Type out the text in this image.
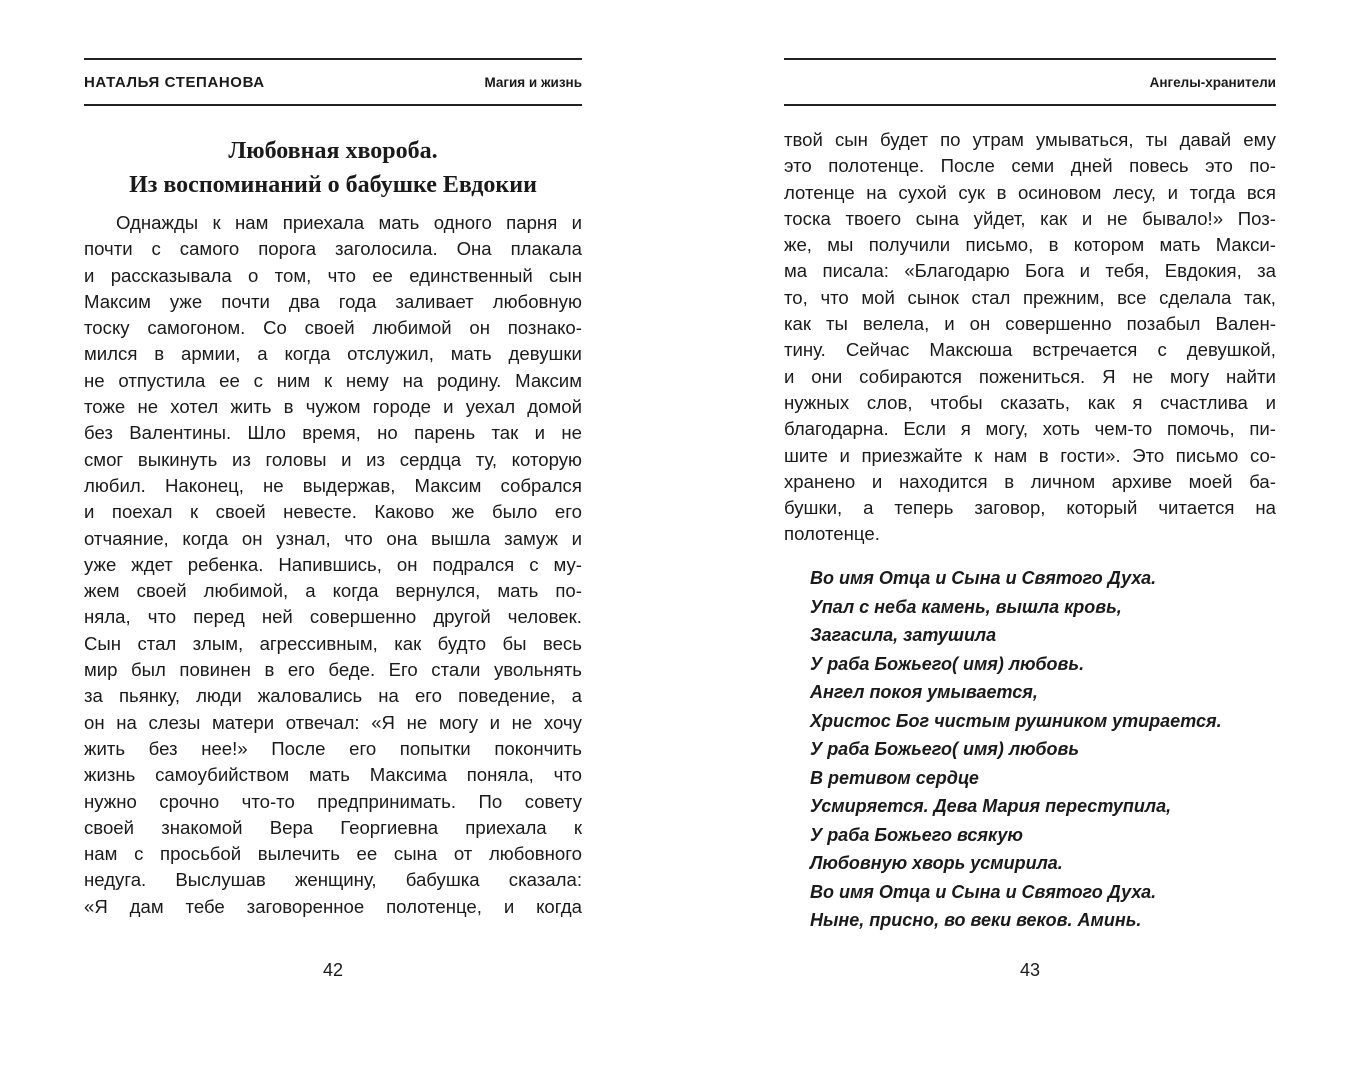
НАТАЛЬЯ СТЕПАНОВА	Магия и жизнь
Любовная хвороба.
Из воспоминаний о бабушке Евдокии
Однажды к нам приехала мать одного парня и
почти с самого порога заголосила. Она плакала
и рассказывала о том, что ее единственный сын
Максим уже почти два года заливает любовную
тоску самогоном. Со своей любимой он познако-
мился в армии, а когда отслужил, мать девушки
не отпустила ее с ним к нему на родину. Максим
тоже не хотел жить в чужом городе и уехал домой
без Валентины. Шло время, но парень так и не
смог выкинуть из головы и из сердца ту, которую
любил. Наконец, не выдержав, Максим собрался
и поехал к своей невесте. Каково же было его
отчаяние, когда он узнал, что она вышла замуж и
уже ждет ребенка. Напившись, он подрался с му-
жем своей любимой, а когда вернулся, мать по-
няла, что перед ней совершенно другой человек.
Сын стал злым, агрессивным, как будто бы весь
мир был повинен в его беде. Его стали увольнять
за пьянку, люди жаловались на его поведение, а
он на слезы матери отвечал: «Я не могу и не хочу
жить без нее!» После его попытки покончить
жизнь самоубийством мать Максима поняла, что
нужно срочно что-то предпринимать. По совету
своей знакомой Вера Георгиевна приехала к
нам с просьбой вылечить ее сына от любовного
недуга. Выслушав женщину, бабушка сказала:
«Я дам тебе заговоренное полотенце, и когда
42
Ангелы-хранители
твой сын будет по утрам умываться, ты давай ему
это полотенце. После семи дней повесь это по-
лотенце на сухой сук в осиновом лесу, и тогда вся
тоска твоего сына уйдет, как и не бывало!» Поз-
же, мы получили письмо, в котором мать Макси-
ма писала: «Благодарю Бога и тебя, Евдокия, за
то, что мой сынок стал прежним, все сделала так,
как ты велела, и он совершенно позабыл Вален-
тину. Сейчас Максюша встречается с девушкой,
и они собираются пожениться. Я не могу найти
нужных слов, чтобы сказать, как я счастлива и
благодарна. Если я могу, хоть чем-то помочь, пи-
шите и приезжайте к нам в гости». Это письмо со-
хранено и находится в личном архиве моей ба-
бушки, а теперь заговор, который читается на
полотенце.
Во имя Отца и Сына и Святого Духа.
Упал с неба камень, вышла кровь,
Загасила, затушила
У раба Божьего( имя) любовь.
Ангел покоя умывается,
Христос Бог чистым рушником утирается.
У раба Божьего( имя) любовь
В ретивом сердце
Усмиряется. Дева Мария переступила,
У раба Божьего всякую
Любовную хворь усмирила.
Во имя Отца и Сына и Святого Духа.
Ныне, присно, во веки веков. Аминь.
43
